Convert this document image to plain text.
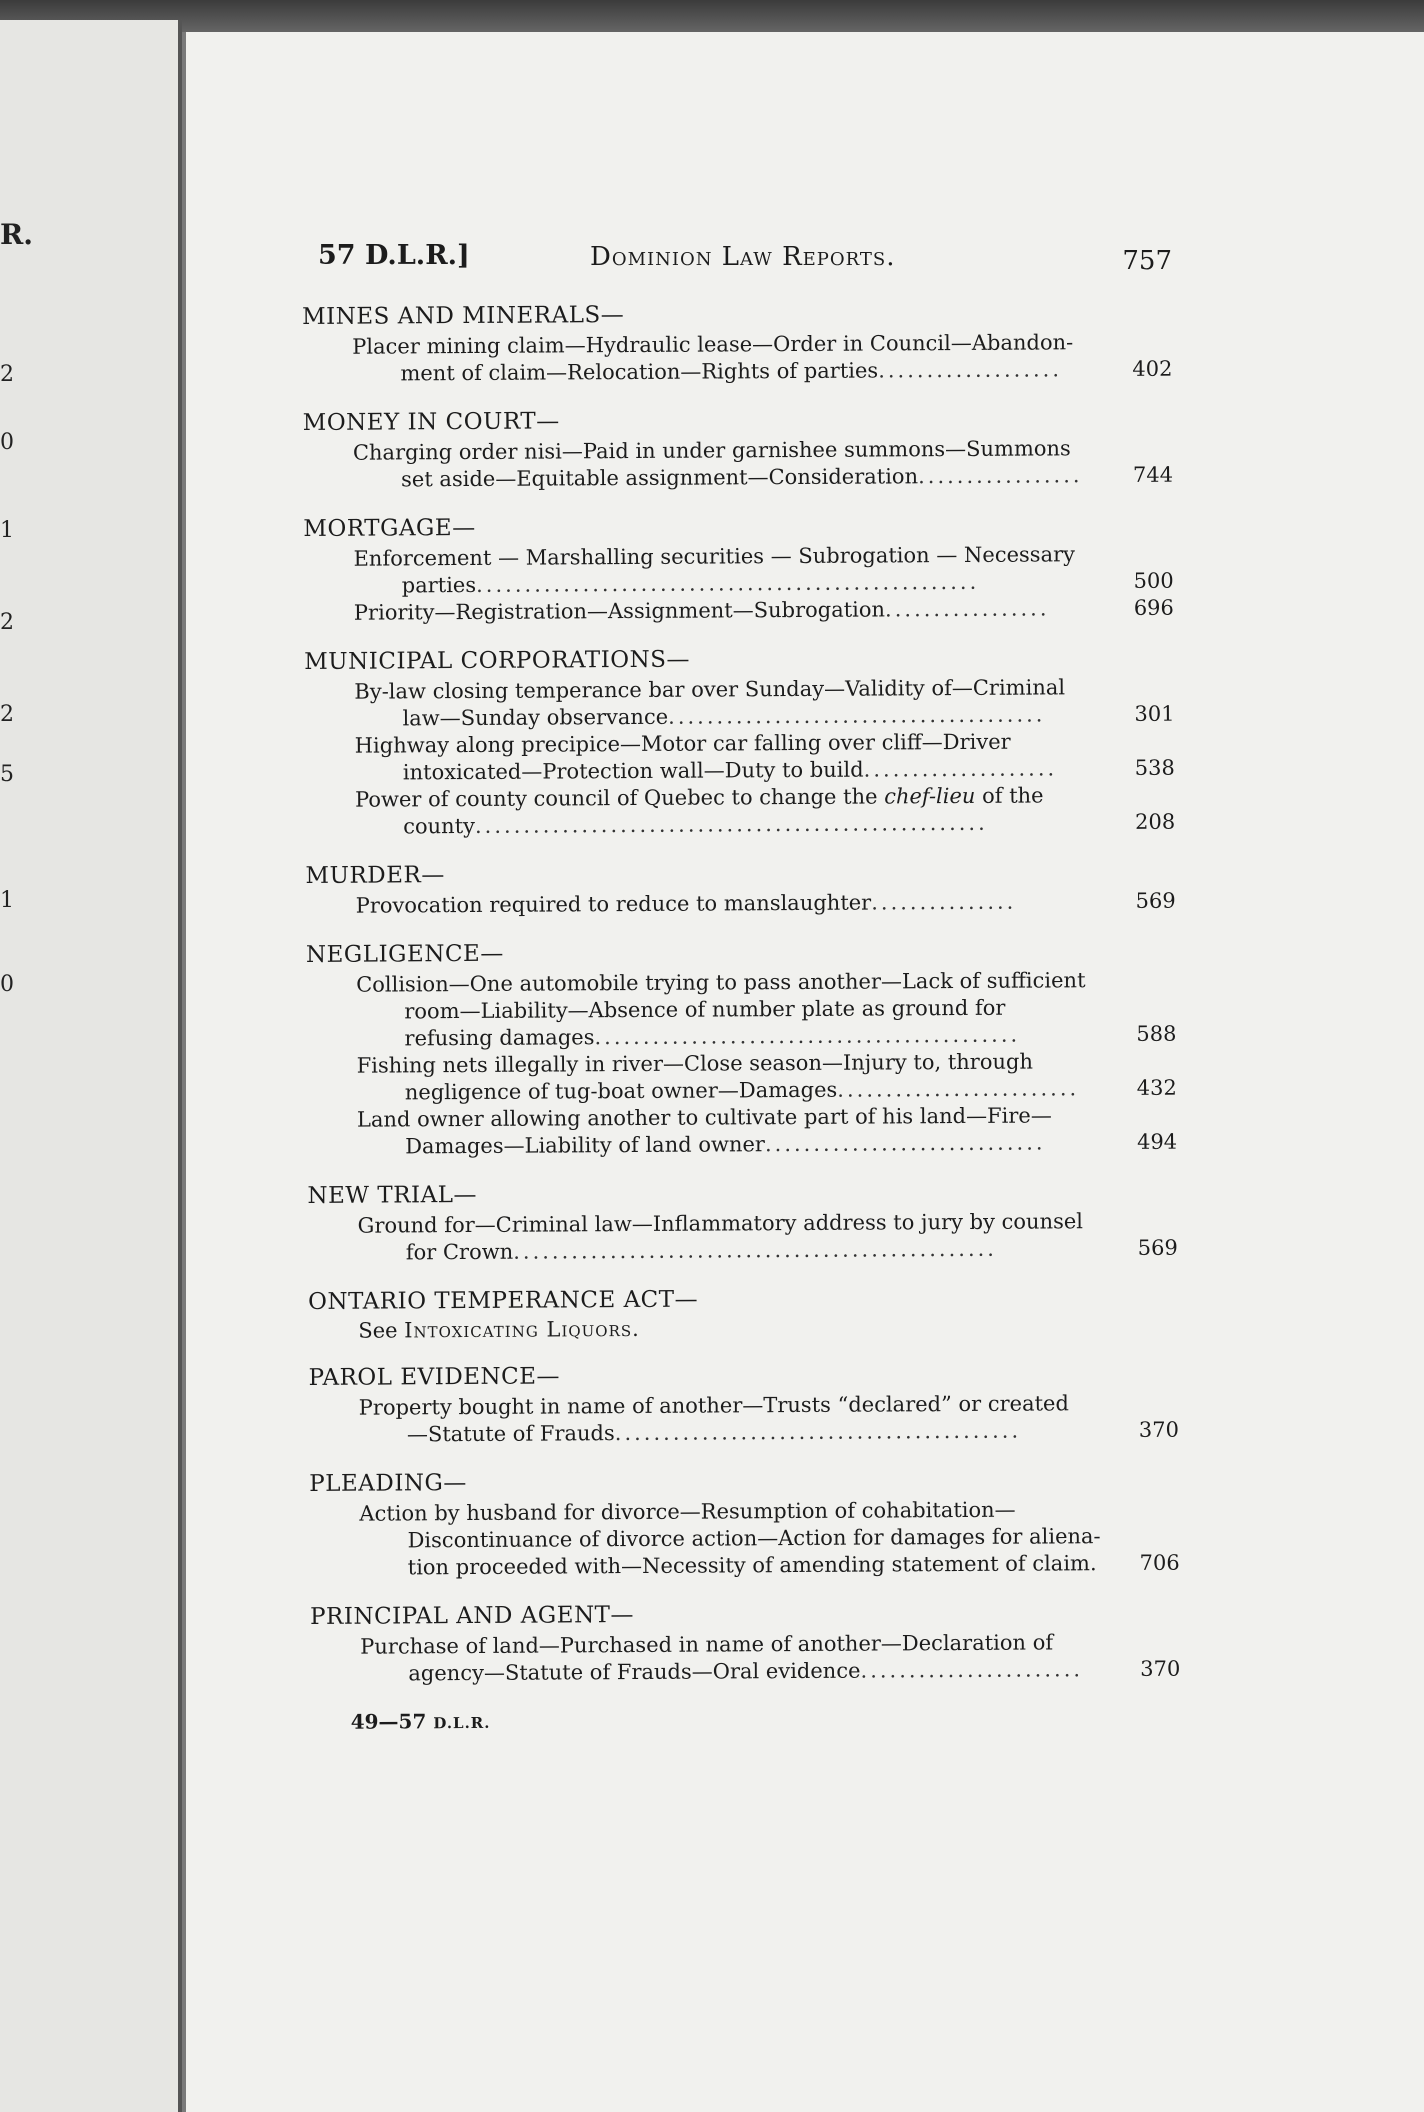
R.
2
0
1
2
2
5
1
0
57 D.L.R.]	Dominion Law Reports.	757
MINES AND MINERALS—
Placer mining claim—Hydraulic lease—Order in Council—Abandon-
ment of claim—Relocation—Rights of parties...................	402
MONEY IN COURT—
Charging order nisi—Paid in under garnishee summons—Summons
set aside—Equitable assignment—Consideration.................	744
MORTGAGE—
Enforcement — Marshalling securities — Subrogation — Necessary
parties....................................................	500
Priority—Registration—Assignment—Subrogation.................	696
MUNICIPAL CORPORATIONS—
By-law closing temperance bar over Sunday—Validity of—Criminal
law—Sunday observance.......................................	301
Highway along precipice—Motor car falling over cliff—Driver
intoxicated—Protection wall—Duty to build....................	538
Power of county council of Quebec to change the chef-lieu of the
county.....................................................	208
MURDER—
Provocation required to reduce to manslaughter...............	569
NEGLIGENCE—
Collision—One automobile trying to pass another—Lack of sufficient
room—Liability—Absence of number plate as ground for
refusing damages............................................	588
Fishing nets illegally in river—Close season—Injury to, through
negligence of tug-boat owner—Damages.........................	432
Land owner allowing another to cultivate part of his land—Fire—
Damages—Liability of land owner.............................	494
NEW TRIAL—
Ground for—Criminal law—Inflammatory address to jury by counsel
for Crown..................................................	569
ONTARIO TEMPERANCE ACT—
See Intoxicating Liquors.
PAROL EVIDENCE—
Property bought in name of another—Trusts “declared” or created
—Statute of Frauds..........................................	370
PLEADING—
Action by husband for divorce—Resumption of cohabitation—
Discontinuance of divorce action—Action for damages for aliena-
tion proceeded with—Necessity of amending statement of claim.	706
PRINCIPAL AND AGENT—
Purchase of land—Purchased in name of another—Declaration of
agency—Statute of Frauds—Oral evidence.......................	370
49—57 D.L.R.
